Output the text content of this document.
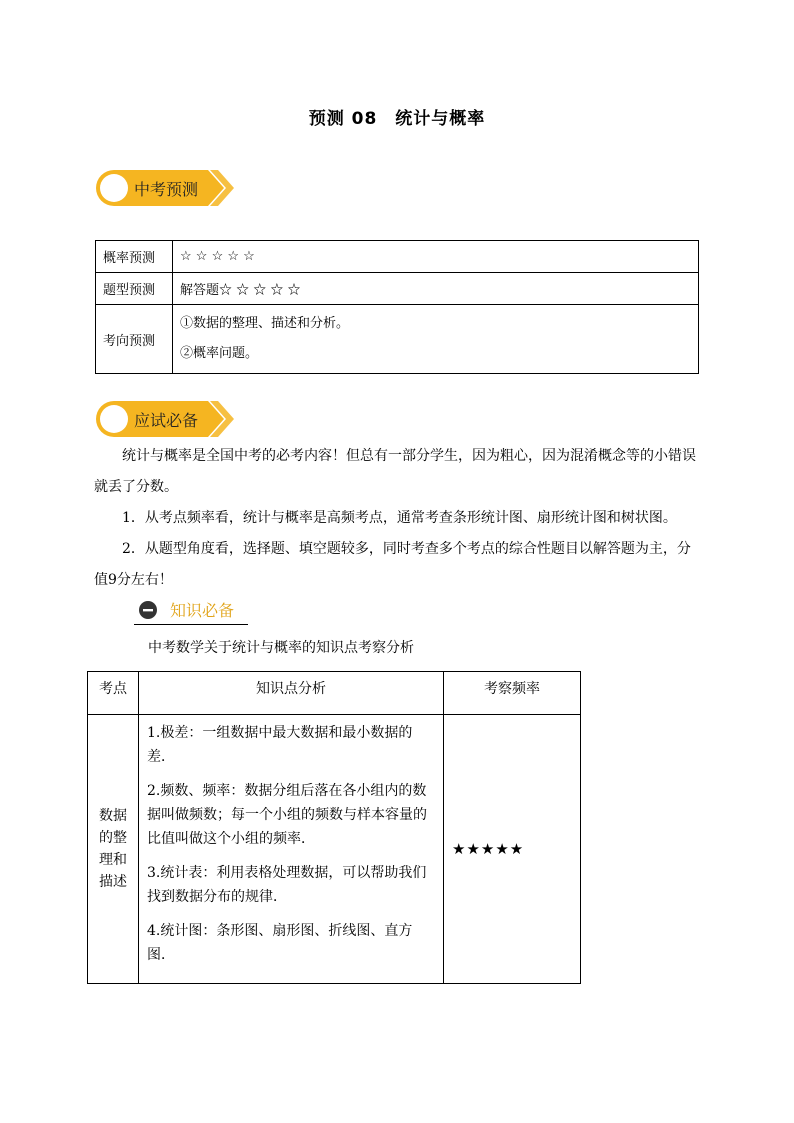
预测 08　统计与概率
中考预测
概率预测	☆ ☆ ☆ ☆ ☆
题型预测	解答题☆ ☆ ☆ ☆ ☆
考向预测	①数据的整理、描述和分析。
②概率问题。
应试必备
统计与概率是全国中考的必考内容！但总有一部分学生，因为粗心，因为混淆概念等的小错误就丢了分数。
1．从考点频率看，统计与概率是高频考点，通常考查条形统计图、扇形统计图和树状图。
2．从题型角度看，选择题、填空题较多，同时考查多个考点的综合性题目以解答题为主，分值9分左右！
知识必备
中考数学关于统计与概率的知识点考察分析
考点	知识点分析	考察频率
数据的整理和描述	1.极差：一组数据中最大数据和最小数据的差．

2.频数、频率：数据分组后落在各小组内的数据叫做频数；每一个小组的频数与样本容量的比值叫做这个小组的频率．

3.统计表：利用表格处理数据，可以帮助我们找到数据分布的规律．

4.统计图：条形图、扇形图、折线图、直方图．	★★★★★
